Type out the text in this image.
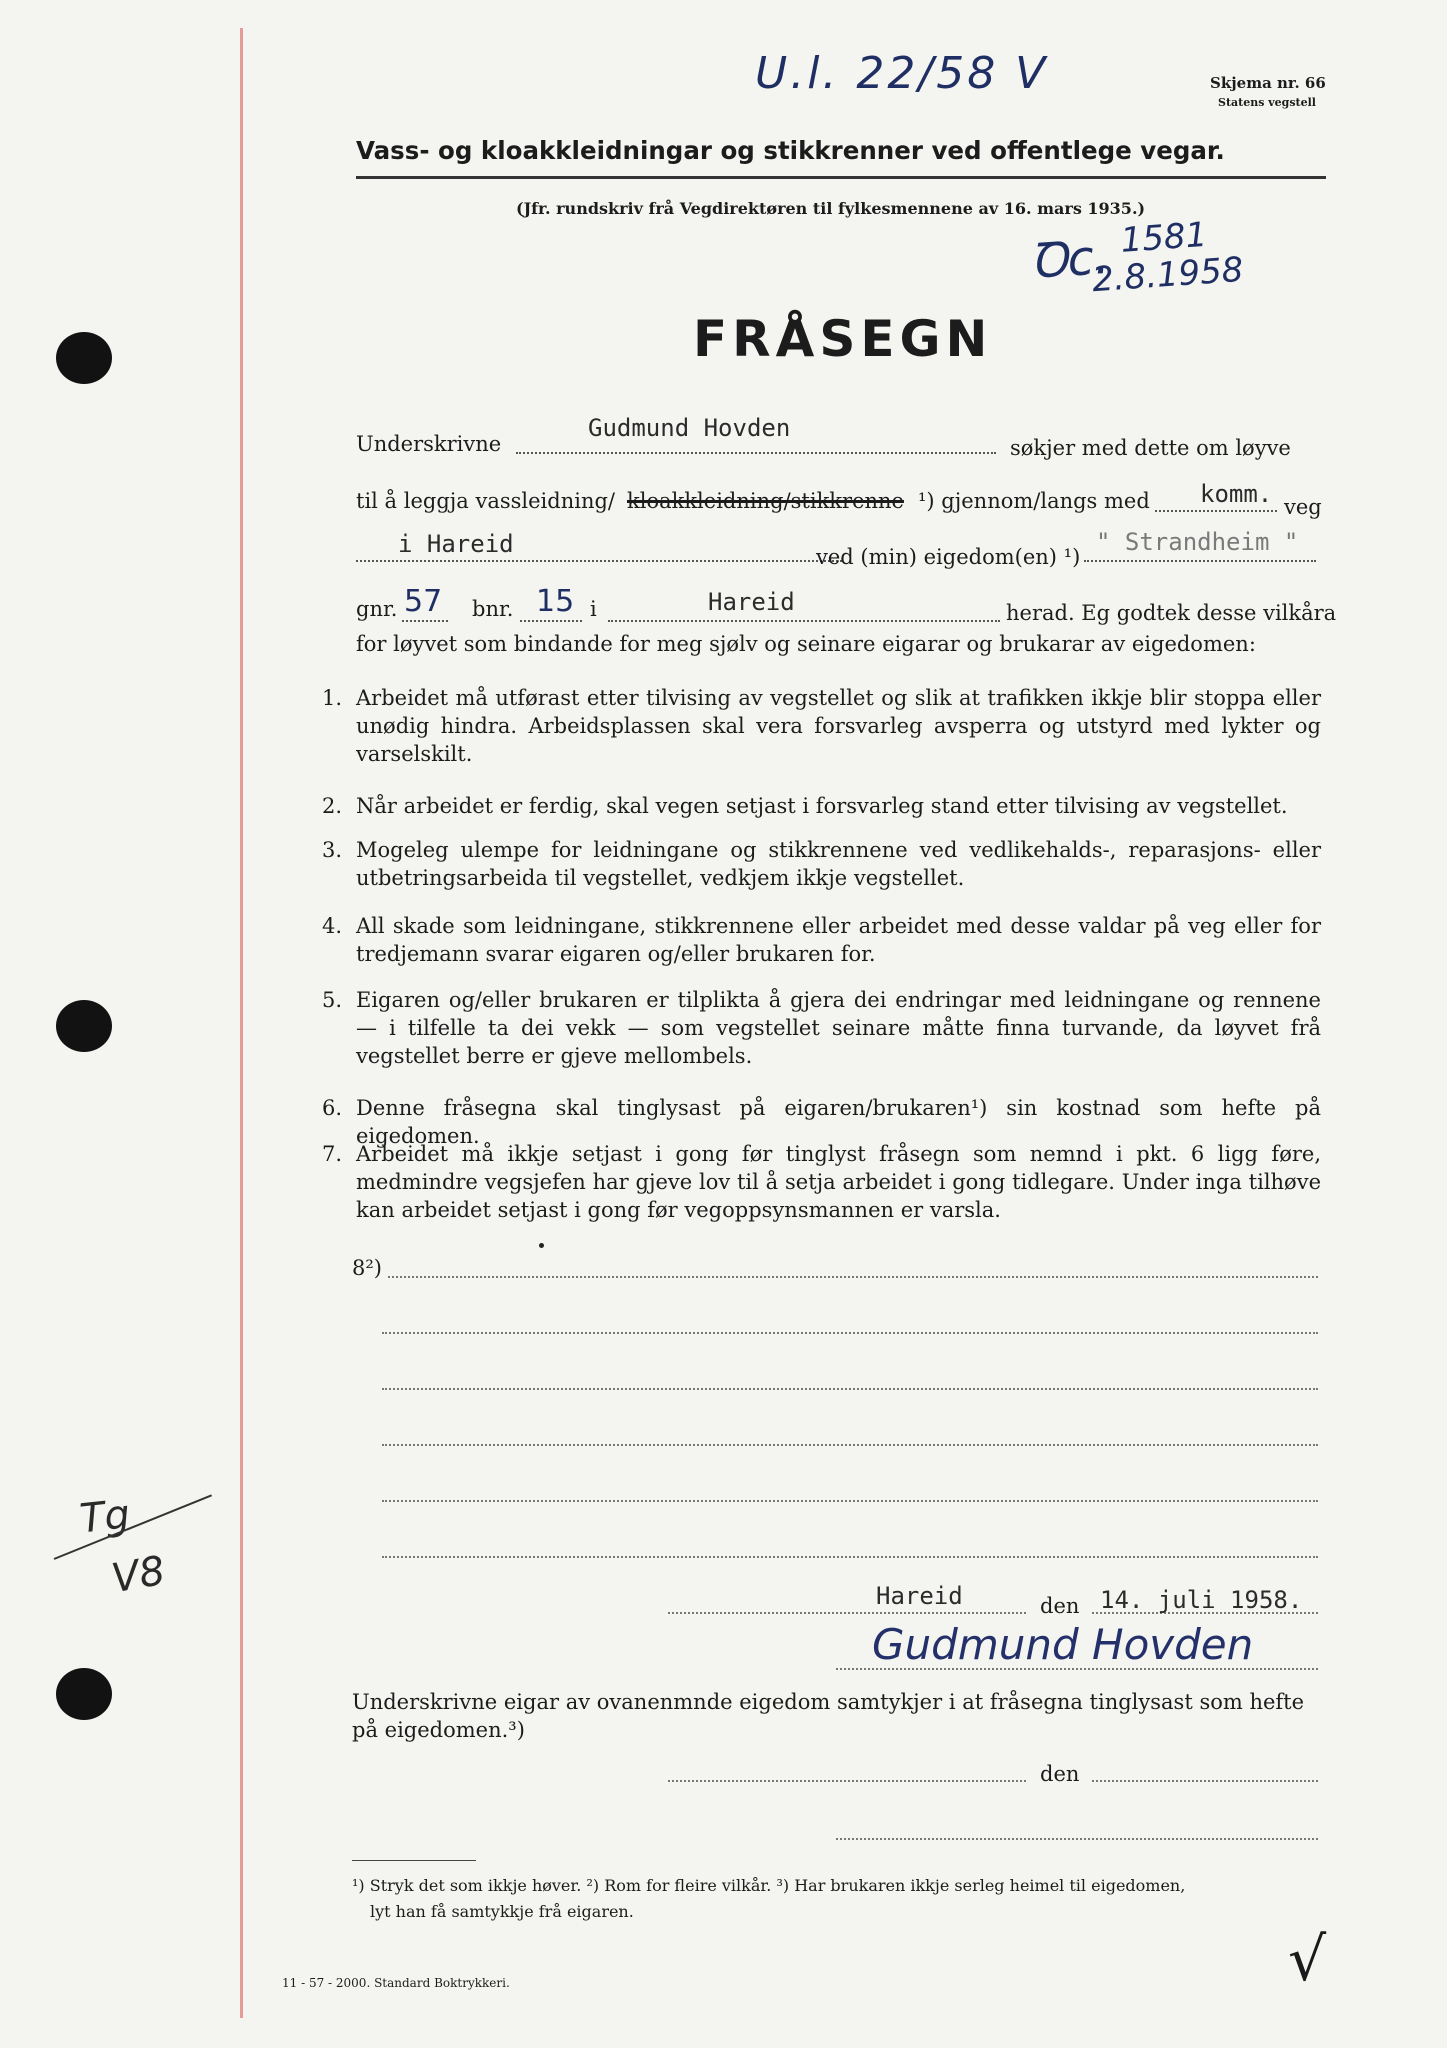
U.l. 22/58 V	Skjema nr. 66
Statens vegstell
Vass- og kloakkleidningar og stikkrenner ved offentlege vegar.
(Jfr. rundskriv frå Vegdirektøren til fylkesmennene av 16. mars 1935.)
Ꝺc. $^{1581}$
2.8.1958
FRÅSEGN
Underskrivne
Gudmund Hovden
søkjer med dette om løyve
til å leggja vassleidning/ kloakkleidning/stikkrenne ¹) gjennom/langs med komm. veg
i Hareid	ved (min) eigedom(en) ¹)
" Strandheim "
gnr. 57 bnr. 15 i	Hareid	herad. Eg godtek desse vilkåra
for løyvet som bindande for meg sjølv og seinare eigarar og brukarar av eigedomen:
1. Arbeidet må utførast etter tilvising av vegstellet og slik at trafikken ikkje blir stoppa eller unødig hindra. Arbeidsplassen skal vera forsvarleg avsperra og utstyrd med lykter og varselskilt.
2. Når arbeidet er ferdig, skal vegen setjast i forsvarleg stand etter tilvising av vegstellet.
3. Mogeleg ulempe for leidningane og stikkrennene ved vedlikehalds-, reparasjons- eller utbetringsarbeida til vegstellet, vedkjem ikkje vegstellet.
4. All skade som leidningane, stikkrennene eller arbeidet med desse valdar på veg eller for tredjemann svarar eigaren og/eller brukaren for.
5. Eigaren og/eller brukaren er tilplikta å gjera dei endringar med leidningane og rennene — i tilfelle ta dei vekk — som vegstellet seinare måtte finna turvande, da løyvet frå vegstellet berre er gjeve mellombels.
6. Denne fråsegna skal tinglysast på eigaren/brukaren¹) sin kostnad som hefte på eigedomen.
7. Arbeidet må ikkje setjast i gong før tinglyst fråsegn som nemnd i pkt. 6 ligg føre, medmindre vegsjefen har gjeve lov til å setja arbeidet i gong tidlegare. Under inga tilhøve kan arbeidet setjast i gong før vegoppsynsmannen er varsla.
8²)
Tg
V8	Hareid	den 14. juli 1958.
Gudmund Hovden
Underskrivne eigar av ovanenmnde eigedom samtykjer i at fråsegna tinglysast som hefte på eigedomen.³)
den
¹) Stryk det som ikkje høver. ²) Rom for fleire vilkår. ³) Har brukaren ikkje serleg heimel til eigedomen,
lyt han få samtykkje frå eigaren.
11 - 57 - 2000. Standard Boktrykkeri.	√
